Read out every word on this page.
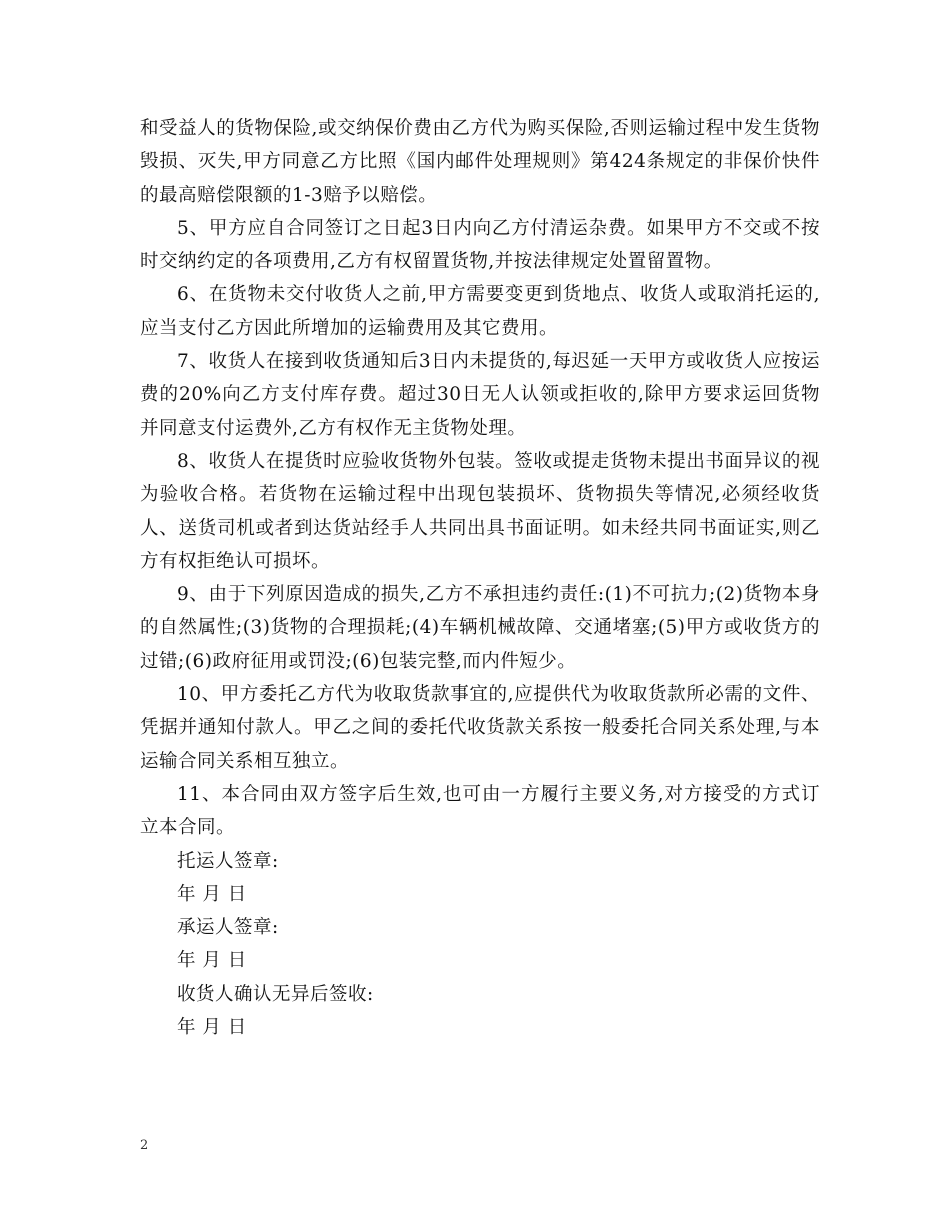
和受益人的货物保险,或交纳保价费由乙方代为购买保险,否则运输过程中发生货物毁损、灭失,甲方同意乙方比照《国内邮件处理规则》第424条规定的非保价快件的最高赔偿限额的1-3赔予以赔偿。

5、甲方应自合同签订之日起3日内向乙方付清运杂费。如果甲方不交或不按时交纳约定的各项费用,乙方有权留置货物,并按法律规定处置留置物。

6、在货物未交付收货人之前,甲方需要变更到货地点、收货人或取消托运的,应当支付乙方因此所增加的运输费用及其它费用。

7、收货人在接到收货通知后3日内未提货的,每迟延一天甲方或收货人应按运费的20%向乙方支付库存费。超过30日无人认领或拒收的,除甲方要求运回货物并同意支付运费外,乙方有权作无主货物处理。

8、收货人在提货时应验收货物外包装。签收或提走货物未提出书面异议的视为验收合格。若货物在运输过程中出现包装损坏、货物损失等情况,必须经收货人、送货司机或者到达货站经手人共同出具书面证明。如未经共同书面证实,则乙方有权拒绝认可损坏。

9、由于下列原因造成的损失,乙方不承担违约责任:(1)不可抗力;(2)货物本身的自然属性;(3)货物的合理损耗;(4)车辆机械故障、交通堵塞;(5)甲方或收货方的过错;(6)政府征用或罚没;(6)包装完整,而内件短少。

10、甲方委托乙方代为收取货款事宜的,应提供代为收取货款所必需的文件、凭据并通知付款人。甲乙之间的委托代收货款关系按一般委托合同关系处理,与本运输合同关系相互独立。

11、本合同由双方签字后生效,也可由一方履行主要义务,对方接受的方式订立本合同。

托运人签章:

年 月 日

承运人签章:

年 月 日

收货人确认无异后签收:

年 月 日

2
